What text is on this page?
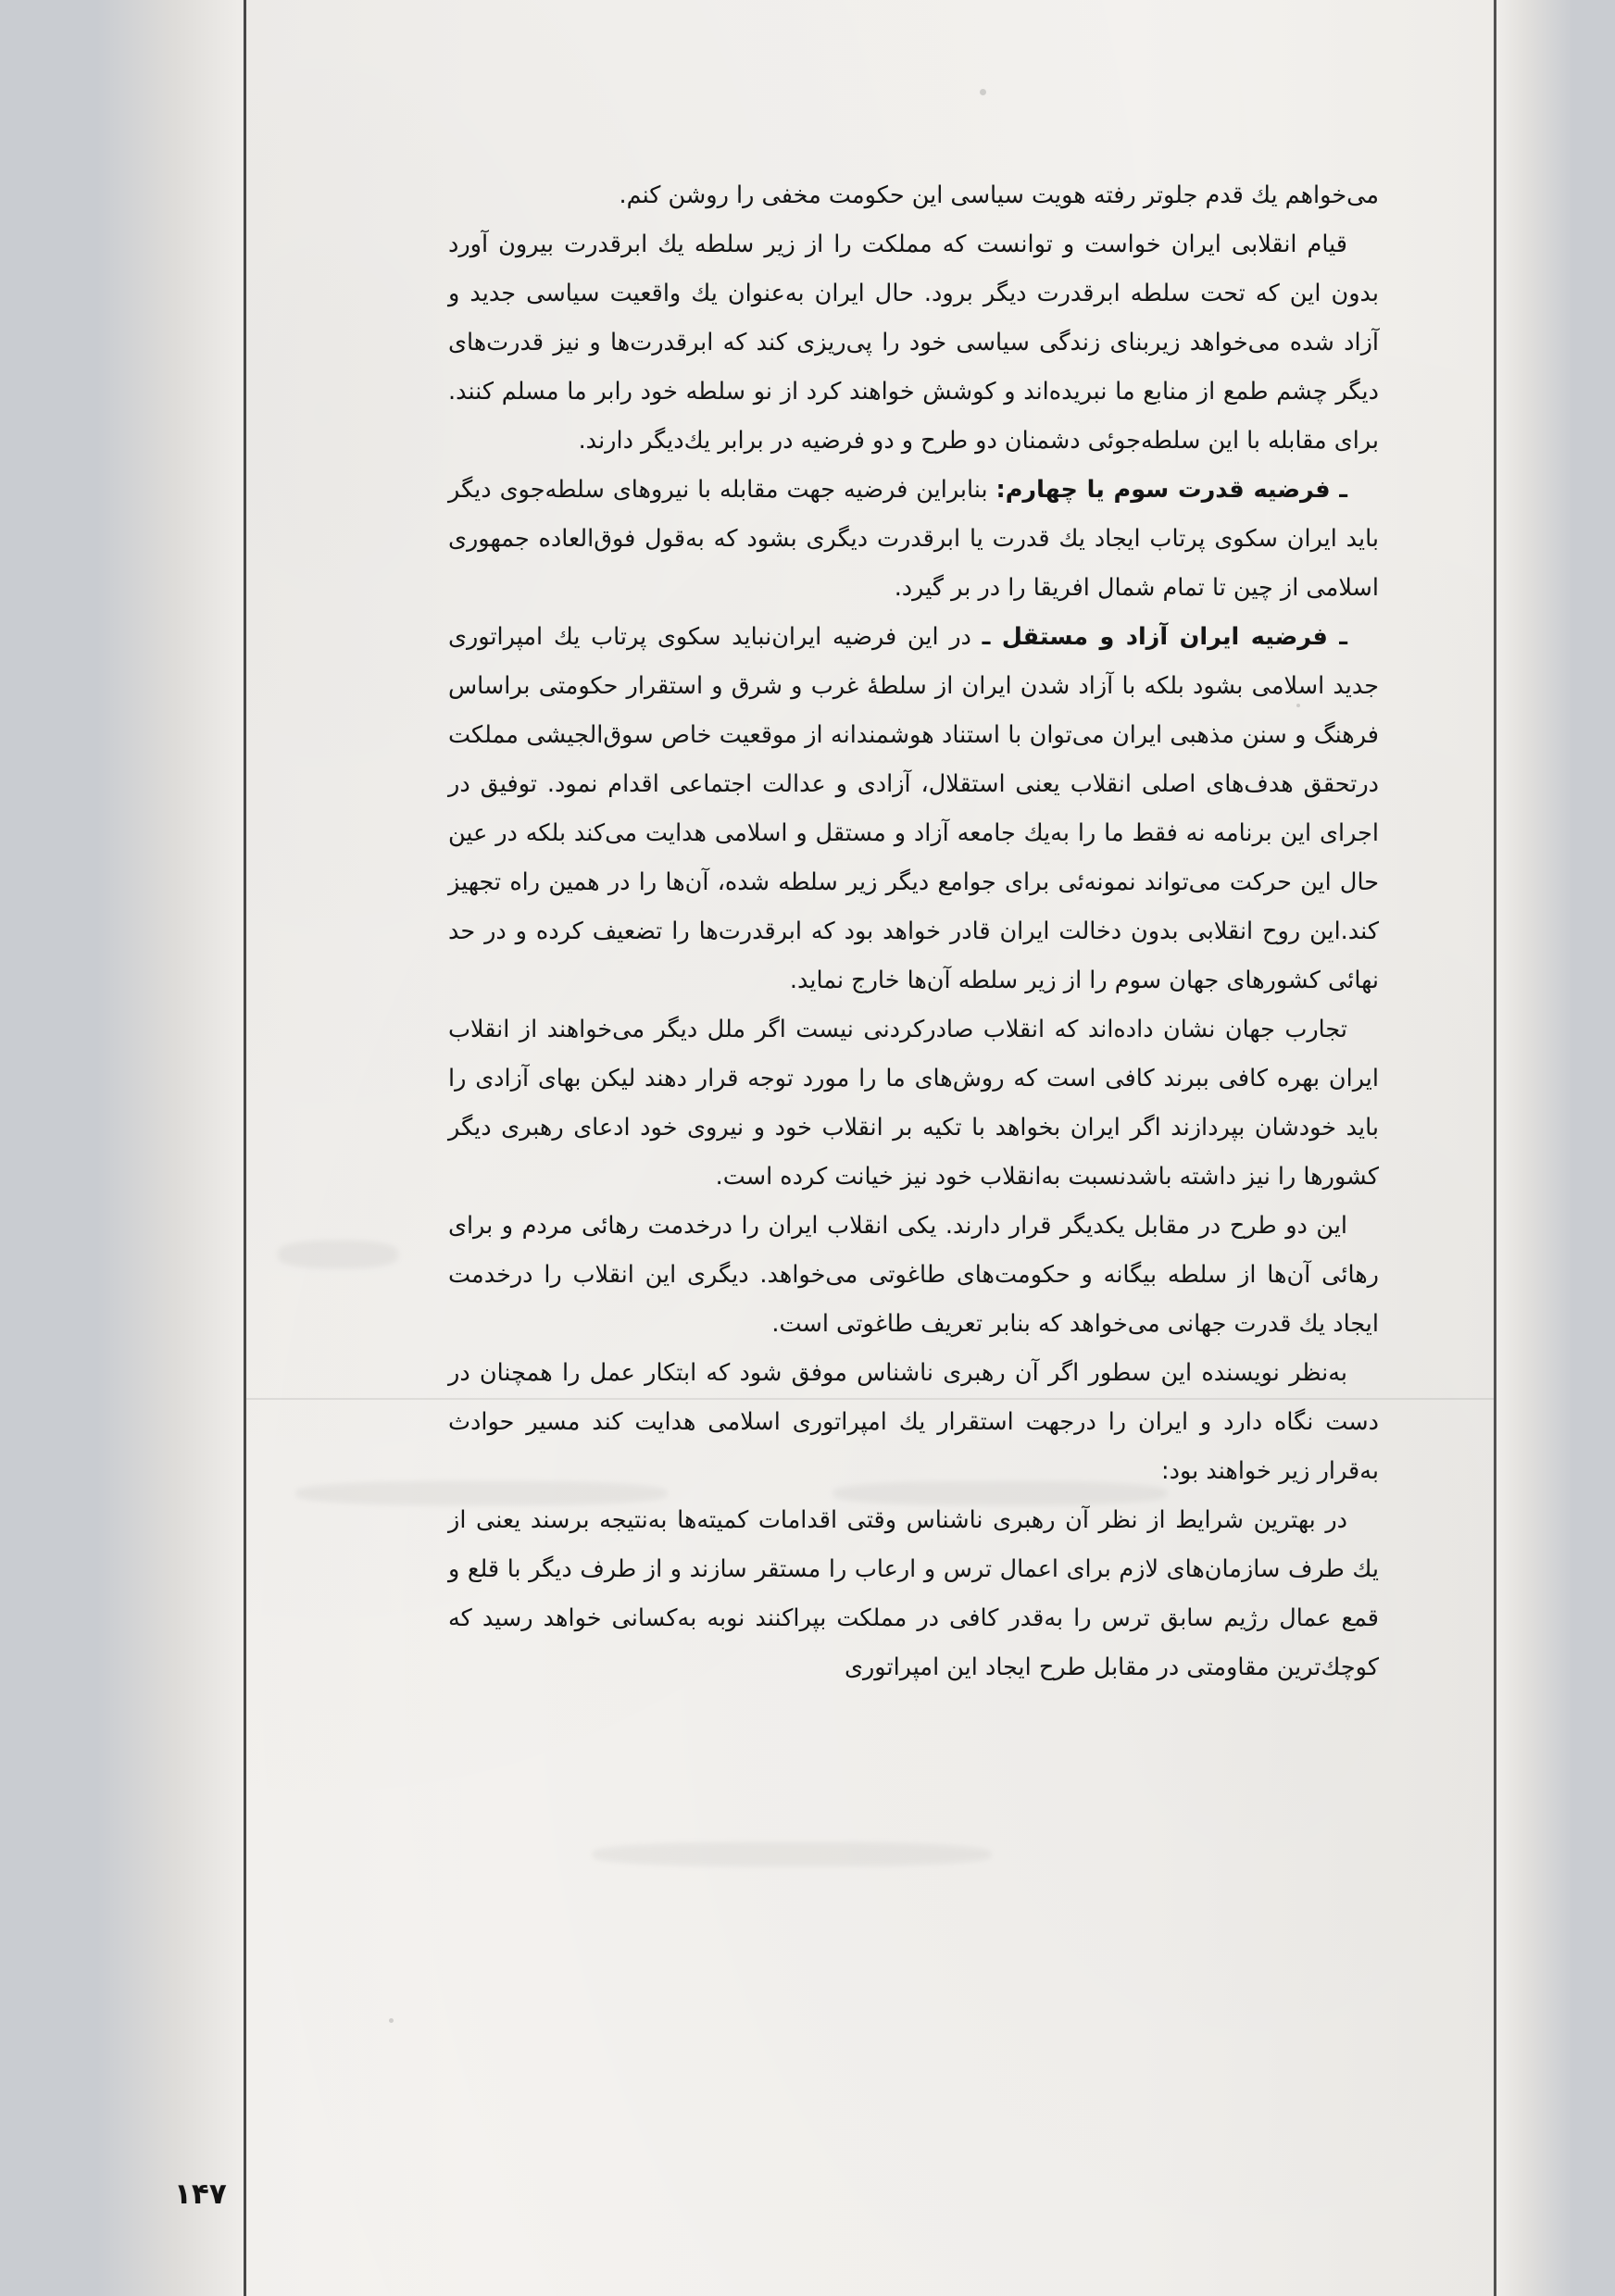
می‌خواهم یك قدم جلوتر رفته هویت سیاسی این حكومت مخفی را روشن كنم.

قیام انقلابی ایران خواست و توانست كه مملكت را از زیر سلطه یك ابرقدرت بیرون آورد بدون این كه تحت سلطه ابرقدرت دیگر برود. حال ایران به‌عنوان یك واقعیت سیاسی جدید و آزاد شده می‌خواهد زیربنای زندگی سیاسی خود را پی‌ریزی كند كه ابرقدرت‌ها و نیز قدرت‌های دیگر چشم طمع از منابع ما نبریده‌اند و كوشش خواهند كرد از نو سلطه خود رابر ما مسلم كنند. برای مقابله با این سلطه‌جوئی دشمنان دو طرح و دو فرضیه در برابر یك‌دیگر دارند.

ـ فرضیه قدرت سوم یا چهارم: بنابراین فرضیه جهت مقابله با نیروهای سلطه‌جوی دیگر باید ایران سكوی پرتاب ایجاد یك قدرت یا ابرقدرت دیگری بشود كه به‌قول فوق‌العاده جمهوری اسلامی از چین تا تمام شمال افریقا را در بر گیرد.

ـ فرضیه ایران آزاد و مستقل ـ در این فرضیه ایران‌نباید سكوی پرتاب یك امپراتوری جدید اسلامی بشود بلكه با آزاد شدن ایران از سلطهٔ غرب و شرق و استقرار حكومتی براساس فرهنگ و سنن مذهبی ایران می‌توان با استناد هوشمندانه از موقعیت خاص سوق‌الجیشی مملكت درتحقق هدف‌های اصلی انقلاب یعنی استقلال، آزادی و عدالت اجتماعی اقدام نمود. توفیق در اجرای این برنامه نه فقط ما را به‌یك جامعه آزاد و مستقل و اسلامی هدایت می‌كند بلكه در عین حال این حركت می‌تواند نمونه‌ئی برای جوامع دیگر زیر سلطه شده، آن‌ها را در همین راه تجهیز كند.این روح انقلابی بدون دخالت ایران قادر خواهد بود كه ابرقدرت‌ها را تضعیف كرده و در حد نهائی كشورهای جهان سوم را از زیر سلطه آن‌ها خارج نماید.

تجارب جهان نشان داده‌اند كه انقلاب صادركردنی نیست اگر ملل دیگر می‌خواهند از انقلاب ایران بهره كافی ببرند كافی است كه روش‌های ما را مورد توجه قرار دهند لیكن بهای آزادی را باید خودشان بپردازند اگر ایران بخواهد با تكیه بر انقلاب خود و نیروی خود ادعای رهبری دیگر كشورها را نیز داشته باشدنسبت به‌انقلاب خود نیز خیانت كرده است.

این دو طرح در مقابل یكدیگر قرار دارند. یكی انقلاب ایران را درخدمت رهائی مردم و برای رهائی آن‌ها از سلطه بیگانه و حكومت‌های طاغوتی می‌خواهد. دیگری این انقلاب را درخدمت ایجاد یك قدرت جهانی می‌خواهد كه بنابر تعریف طاغوتی است.

به‌نظر نویسنده این سطور اگر آن رهبری ناشناس موفق شود كه ابتكار عمل را همچنان در دست نگاه دارد و ایران را درجهت استقرار یك امپراتوری اسلامی هدایت كند مسیر حوادث به‌قرار زیر خواهند بود:

در بهترین شرایط از نظر آن رهبری ناشناس وقتی اقدامات كمیته‌ها به‌نتیجه برسند یعنی از یك طرف سازمان‌های لازم برای اعمال ترس و ارعاب را مستقر سازند و از طرف دیگر با قلع و قمع عمال رژیم سابق ترس را به‌قدر كافی در مملكت بپراكنند نوبه به‌كسانی خواهد رسید كه كوچك‌ترین مقاومتی در مقابل طرح ایجاد این امپراتوری

۱۴۷
